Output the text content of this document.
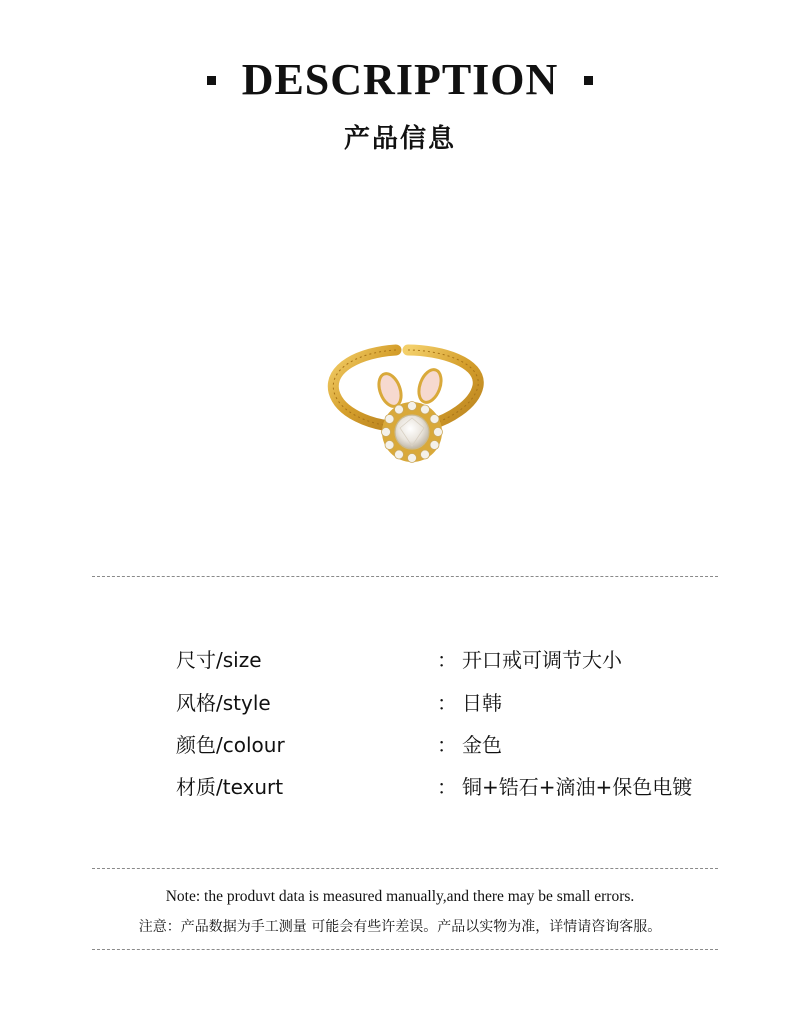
DESCRIPTION
产品信息
尺寸/size	： 开口戒可调节大小
风格/style	： 日韩
颜色/colour	： 金色
材质/texurt	： 铜+锆石+滴油+保色电镀
Note: the produvt data is measured manually,and there may be small errors.
注意：产品数据为手工测量 可能会有些许差误。产品以实物为准，详情请咨询客服。
